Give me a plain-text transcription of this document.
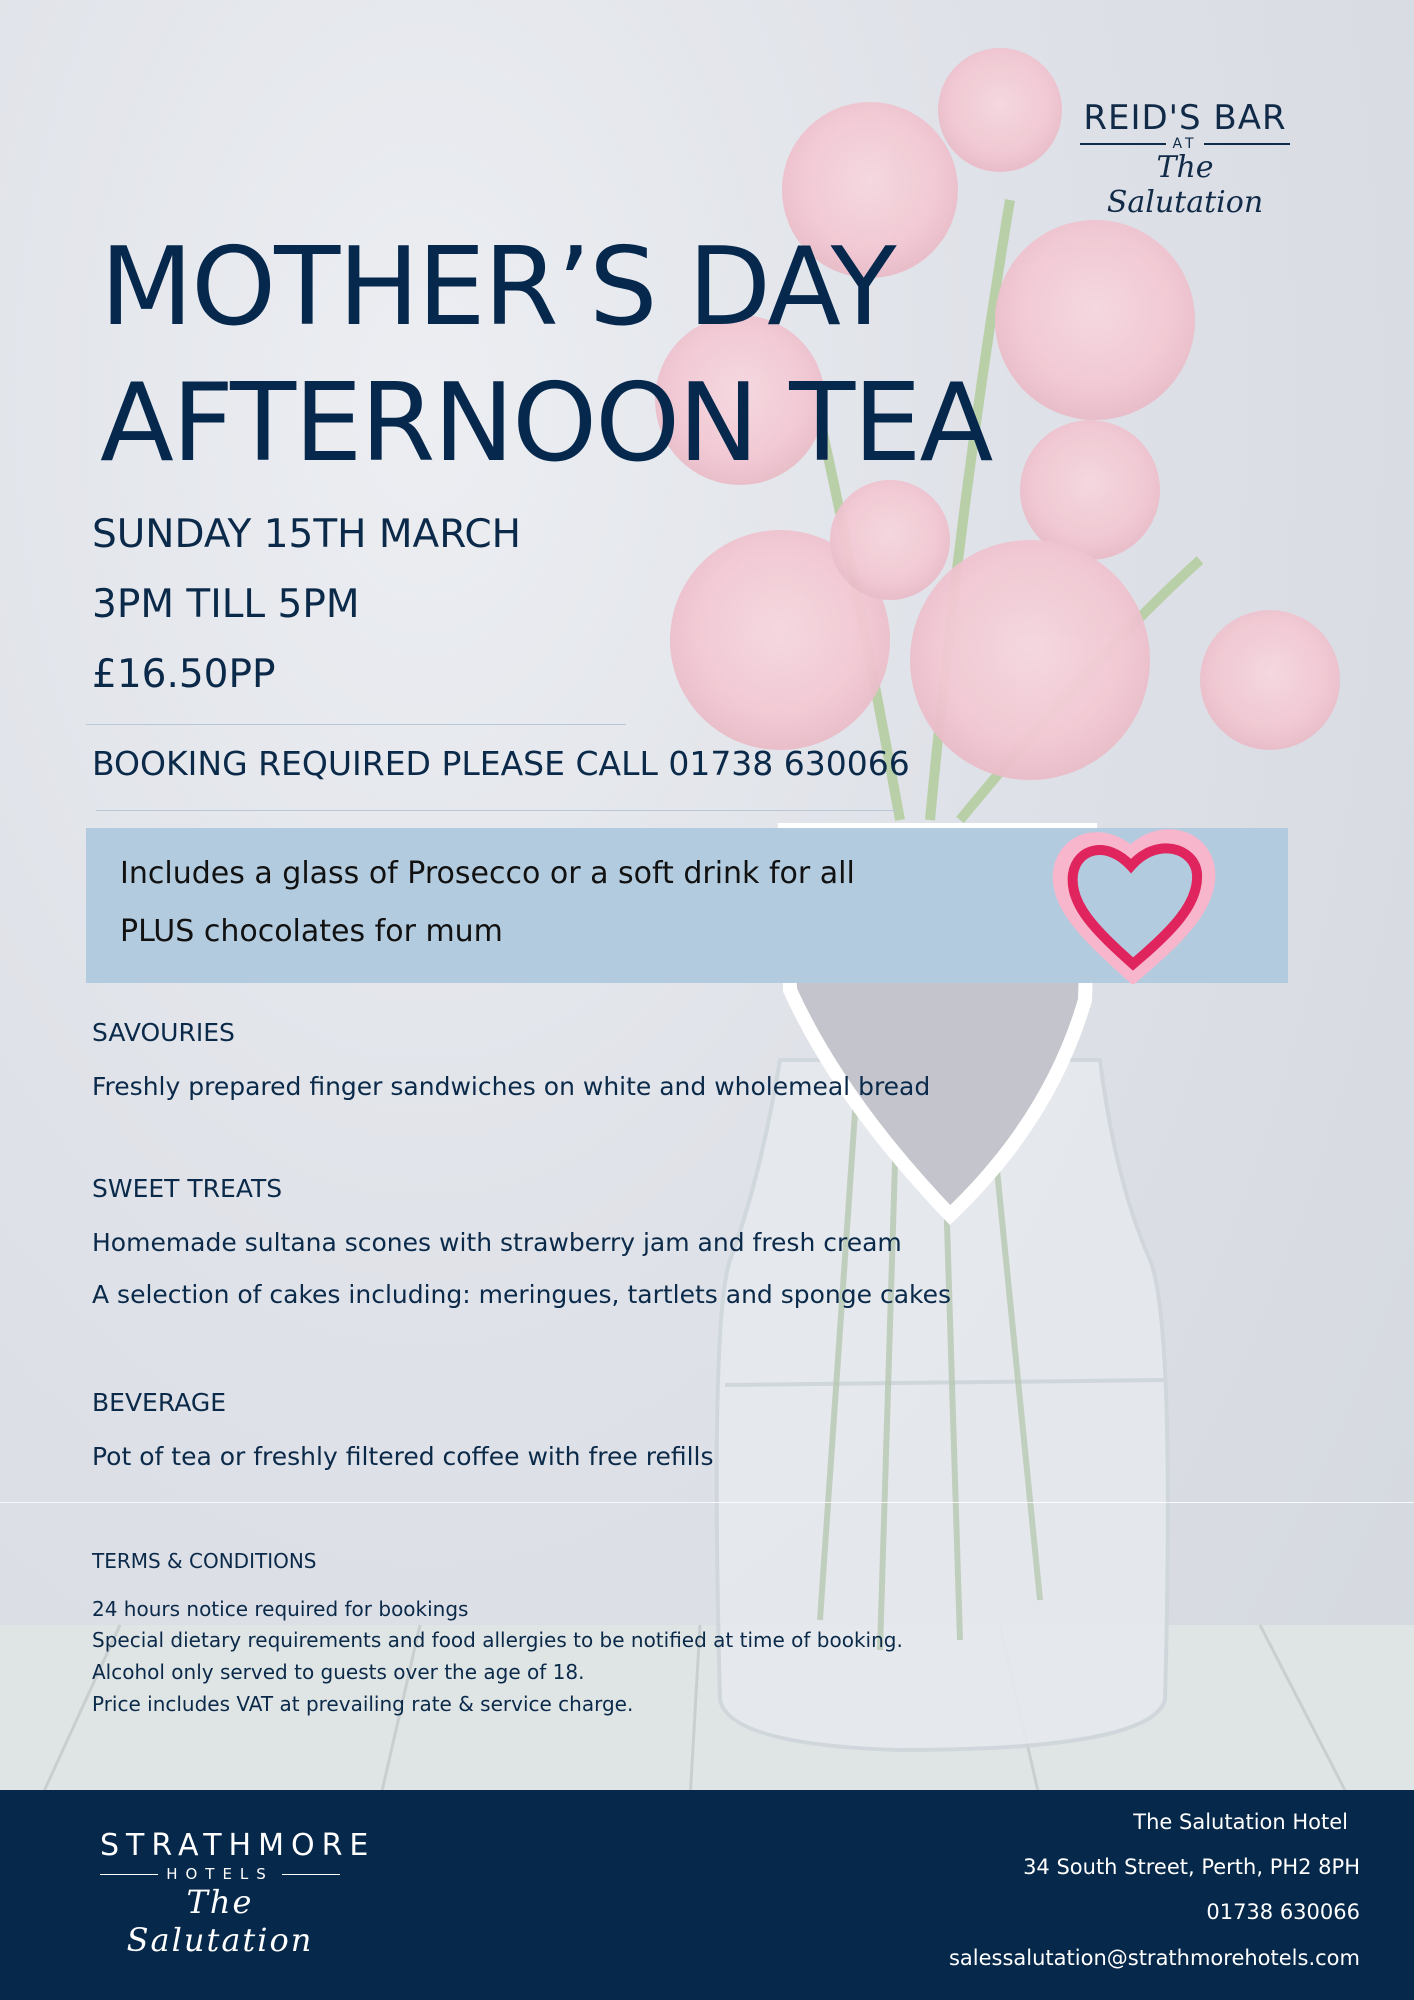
REID'S BAR
AT
The Salutation
MOTHER’S DAY
AFTERNOON TEA
SUNDAY 15TH MARCH
3PM TILL 5PM
£16.50PP
BOOKING REQUIRED PLEASE CALL 01738 630066
Includes a glass of Prosecco or a soft drink for all
PLUS chocolates for mum
SAVOURIES
Freshly prepared finger sandwiches on white and wholemeal bread
SWEET TREATS
Homemade sultana scones with strawberry jam and fresh cream
A selection of cakes including: meringues, tartlets and sponge cakes
BEVERAGE
Pot of tea or freshly filtered coffee with free refills
TERMS & CONDITIONS
24 hours notice required for bookings
Special dietary requirements and food allergies to be notified at time of booking.
Alcohol only served to guests over the age of 18.
Price includes VAT at prevailing rate & service charge.
STRATHMORE
HOTELS
The Salutation
The Salutation Hotel
34 South Street, Perth, PH2 8PH
01738 630066
salessalutation@strathmorehotels.com
